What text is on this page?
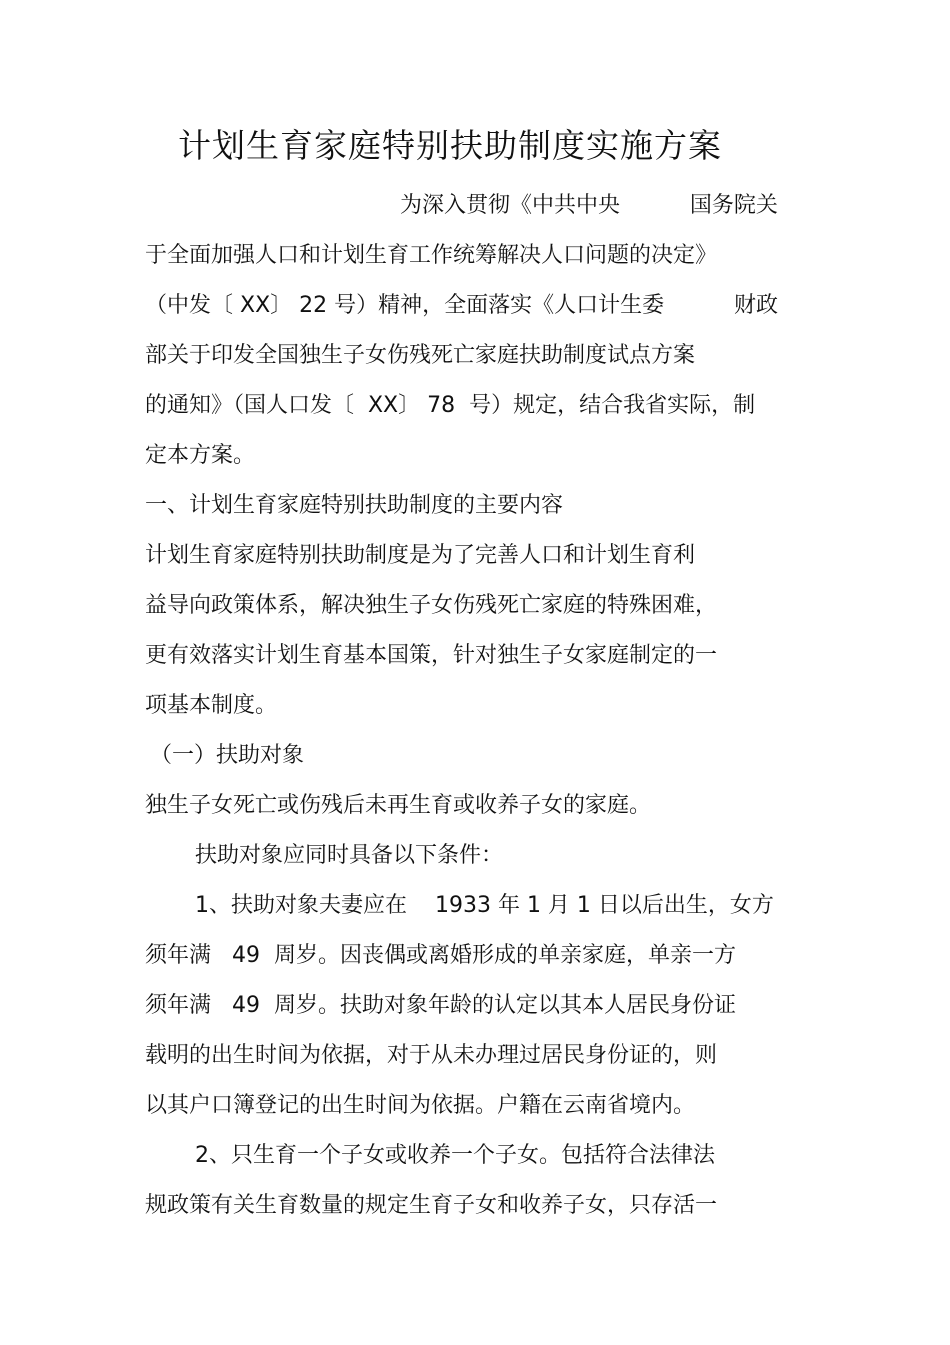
计划生育家庭特别扶助制度实施方案
为深入贯彻《中共中央          国务院关
于全面加强人口和计划生育工作统筹解决人口问题的决定》
（中发〔 XX〕 22 号）精神，全面落实《人口计生委          财政
部关于印发全国独生子女伤残死亡家庭扶助制度试点方案
的通知》（国人口发〔  XX〕 78  号）规定，结合我省实际，制
定本方案。
一、计划生育家庭特别扶助制度的主要内容
计划生育家庭特别扶助制度是为了完善人口和计划生育利
益导向政策体系，解决独生子女伤残死亡家庭的特殊困难，
更有效落实计划生育基本国策，针对独生子女家庭制定的一
项基本制度。
（一）扶助对象
独生子女死亡或伤残后未再生育或收养子女的家庭。
扶助对象应同时具备以下条件：
1、扶助对象夫妻应在    1933 年 1 月 1 日以后出生，女方
须年满   49  周岁。因丧偶或离婚形成的单亲家庭，单亲一方
须年满   49  周岁。扶助对象年龄的认定以其本人居民身份证
载明的出生时间为依据，对于从未办理过居民身份证的，则
以其户口簿登记的出生时间为依据。户籍在云南省境内。
2、只生育一个子女或收养一个子女。包括符合法律法
规政策有关生育数量的规定生育子女和收养子女，只存活一
